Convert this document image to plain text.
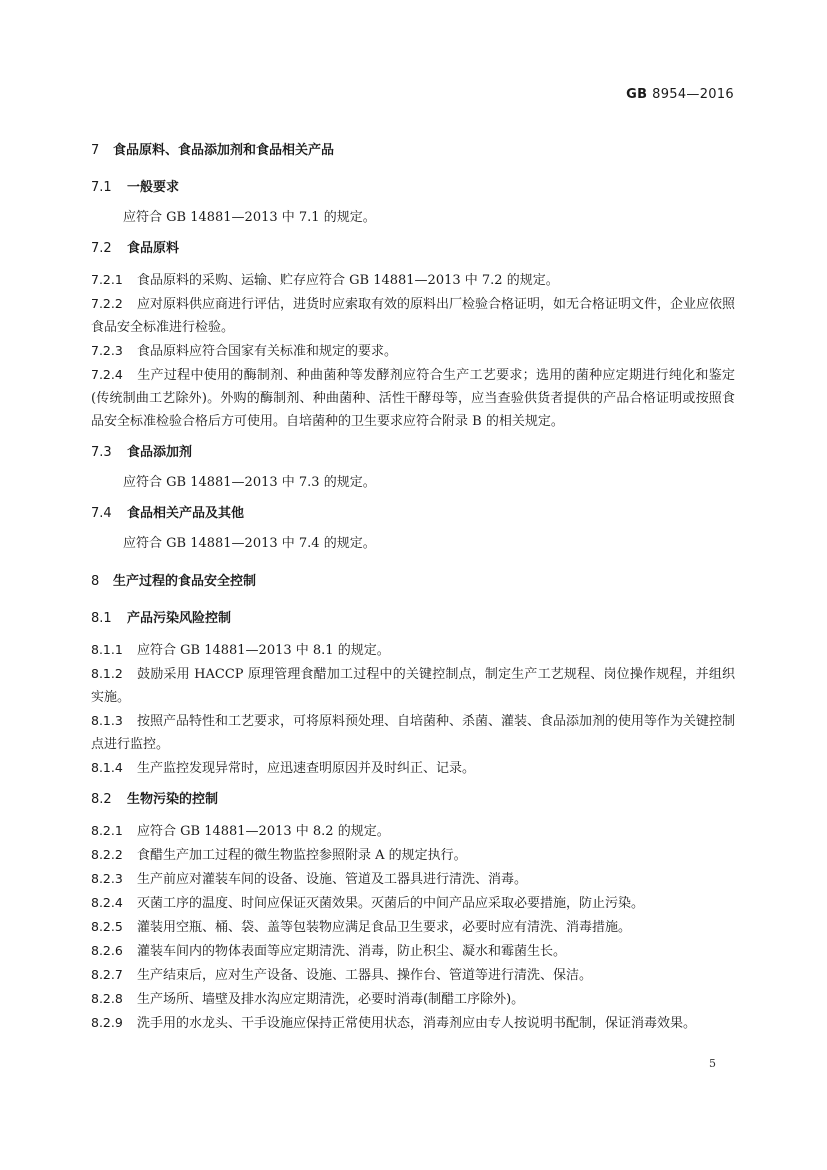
GB 8954—2016

7 食品原料、食品添加剂和食品相关产品

7.1 一般要求

应符合 GB 14881—2013 中 7.1 的规定。

7.2 食品原料

7.2.1 食品原料的采购、运输、贮存应符合 GB 14881—2013 中 7.2 的规定。

7.2.2 应对原料供应商进行评估，进货时应索取有效的原料出厂检验合格证明，如无合格证明文件，企业应依照食品安全标准进行检验。

7.2.3 食品原料应符合国家有关标准和规定的要求。

7.2.4 生产过程中使用的酶制剂、种曲菌种等发酵剂应符合生产工艺要求；选用的菌种应定期进行纯化和鉴定(传统制曲工艺除外)。外购的酶制剂、种曲菌种、活性干酵母等，应当查验供货者提供的产品合格证明或按照食品安全标准检验合格后方可使用。自培菌种的卫生要求应符合附录 B 的相关规定。

7.3 食品添加剂

应符合 GB 14881—2013 中 7.3 的规定。

7.4 食品相关产品及其他

应符合 GB 14881—2013 中 7.4 的规定。

8 生产过程的食品安全控制

8.1 产品污染风险控制

8.1.1 应符合 GB 14881—2013 中 8.1 的规定。

8.1.2 鼓励采用 HACCP 原理管理食醋加工过程中的关键控制点，制定生产工艺规程、岗位操作规程，并组织实施。

8.1.3 按照产品特性和工艺要求，可将原料预处理、自培菌种、杀菌、灌装、食品添加剂的使用等作为关键控制点进行监控。

8.1.4 生产监控发现异常时，应迅速查明原因并及时纠正、记录。

8.2 生物污染的控制

8.2.1 应符合 GB 14881—2013 中 8.2 的规定。

8.2.2 食醋生产加工过程的微生物监控参照附录 A 的规定执行。

8.2.3 生产前应对灌装车间的设备、设施、管道及工器具进行清洗、消毒。

8.2.4 灭菌工序的温度、时间应保证灭菌效果。灭菌后的中间产品应采取必要措施，防止污染。

8.2.5 灌装用空瓶、桶、袋、盖等包装物应满足食品卫生要求，必要时应有清洗、消毒措施。

8.2.6 灌装车间内的物体表面等应定期清洗、消毒，防止积尘、凝水和霉菌生长。

8.2.7 生产结束后，应对生产设备、设施、工器具、操作台、管道等进行清洗、保洁。

8.2.8 生产场所、墙壁及排水沟应定期清洗，必要时消毒(制醋工序除外)。

8.2.9 洗手用的水龙头、干手设施应保持正常使用状态，消毒剂应由专人按说明书配制，保证消毒效果。

5
